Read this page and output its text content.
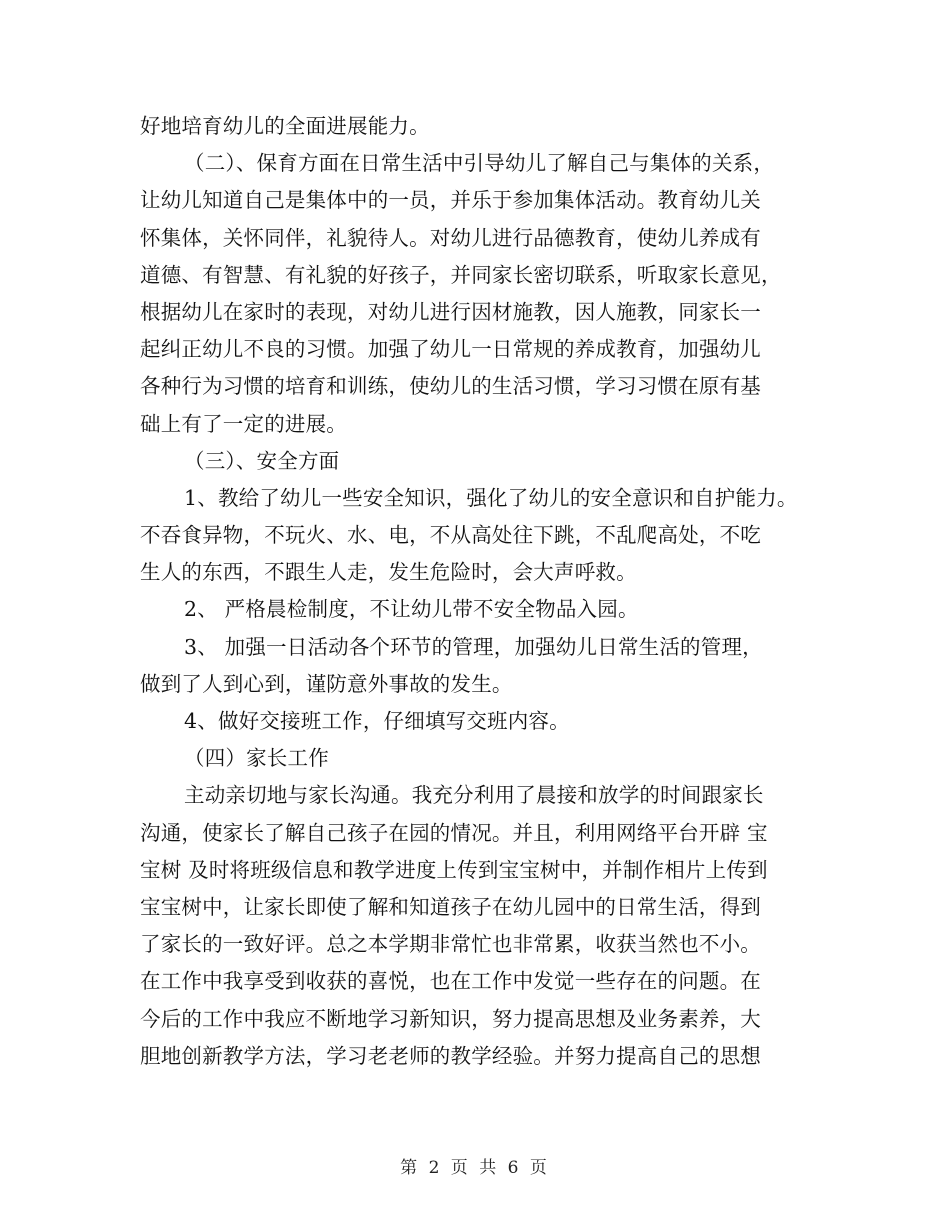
好地培育幼儿的全面进展能力。
（二）、保育方面在日常生活中引导幼儿了解自己与集体的关系，
让幼儿知道自己是集体中的一员，并乐于参加集体活动。教育幼儿关
怀集体，关怀同伴，礼貌待人。对幼儿进行品德教育，使幼儿养成有
道德、有智慧、有礼貌的好孩子，并同家长密切联系，听取家长意见，
根据幼儿在家时的表现，对幼儿进行因材施教，因人施教，同家长一
起纠正幼儿不良的习惯。加强了幼儿一日常规的养成教育，加强幼儿
各种行为习惯的培育和训练，使幼儿的生活习惯，学习习惯在原有基
础上有了一定的进展。
（三）、安全方面
1、教给了幼儿一些安全知识，强化了幼儿的安全意识和自护能力。
不吞食异物，不玩火、水、电，不从高处往下跳，不乱爬高处，不吃
生人的东西，不跟生人走，发生危险时，会大声呼救。
2、 严格晨检制度，不让幼儿带不安全物品入园。
3、 加强一日活动各个环节的管理，加强幼儿日常生活的管理，
做到了人到心到，谨防意外事故的发生。
4、做好交接班工作，仔细填写交班内容。
（四）家长工作
主动亲切地与家长沟通。我充分利用了晨接和放学的时间跟家长
沟通，使家长了解自己孩子在园的情况。并且，利用网络平台开辟 宝
宝树 及时将班级信息和教学进度上传到宝宝树中，并制作相片上传到
宝宝树中，让家长即使了解和知道孩子在幼儿园中的日常生活，得到
了家长的一致好评。总之本学期非常忙也非常累，收获当然也不小。
在工作中我享受到收获的喜悦，也在工作中发觉一些存在的问题。在
今后的工作中我应不断地学习新知识，努力提高思想及业务素养，大
胆地创新教学方法，学习老老师的教学经验。并努力提高自己的思想
第 2 页 共 6 页
